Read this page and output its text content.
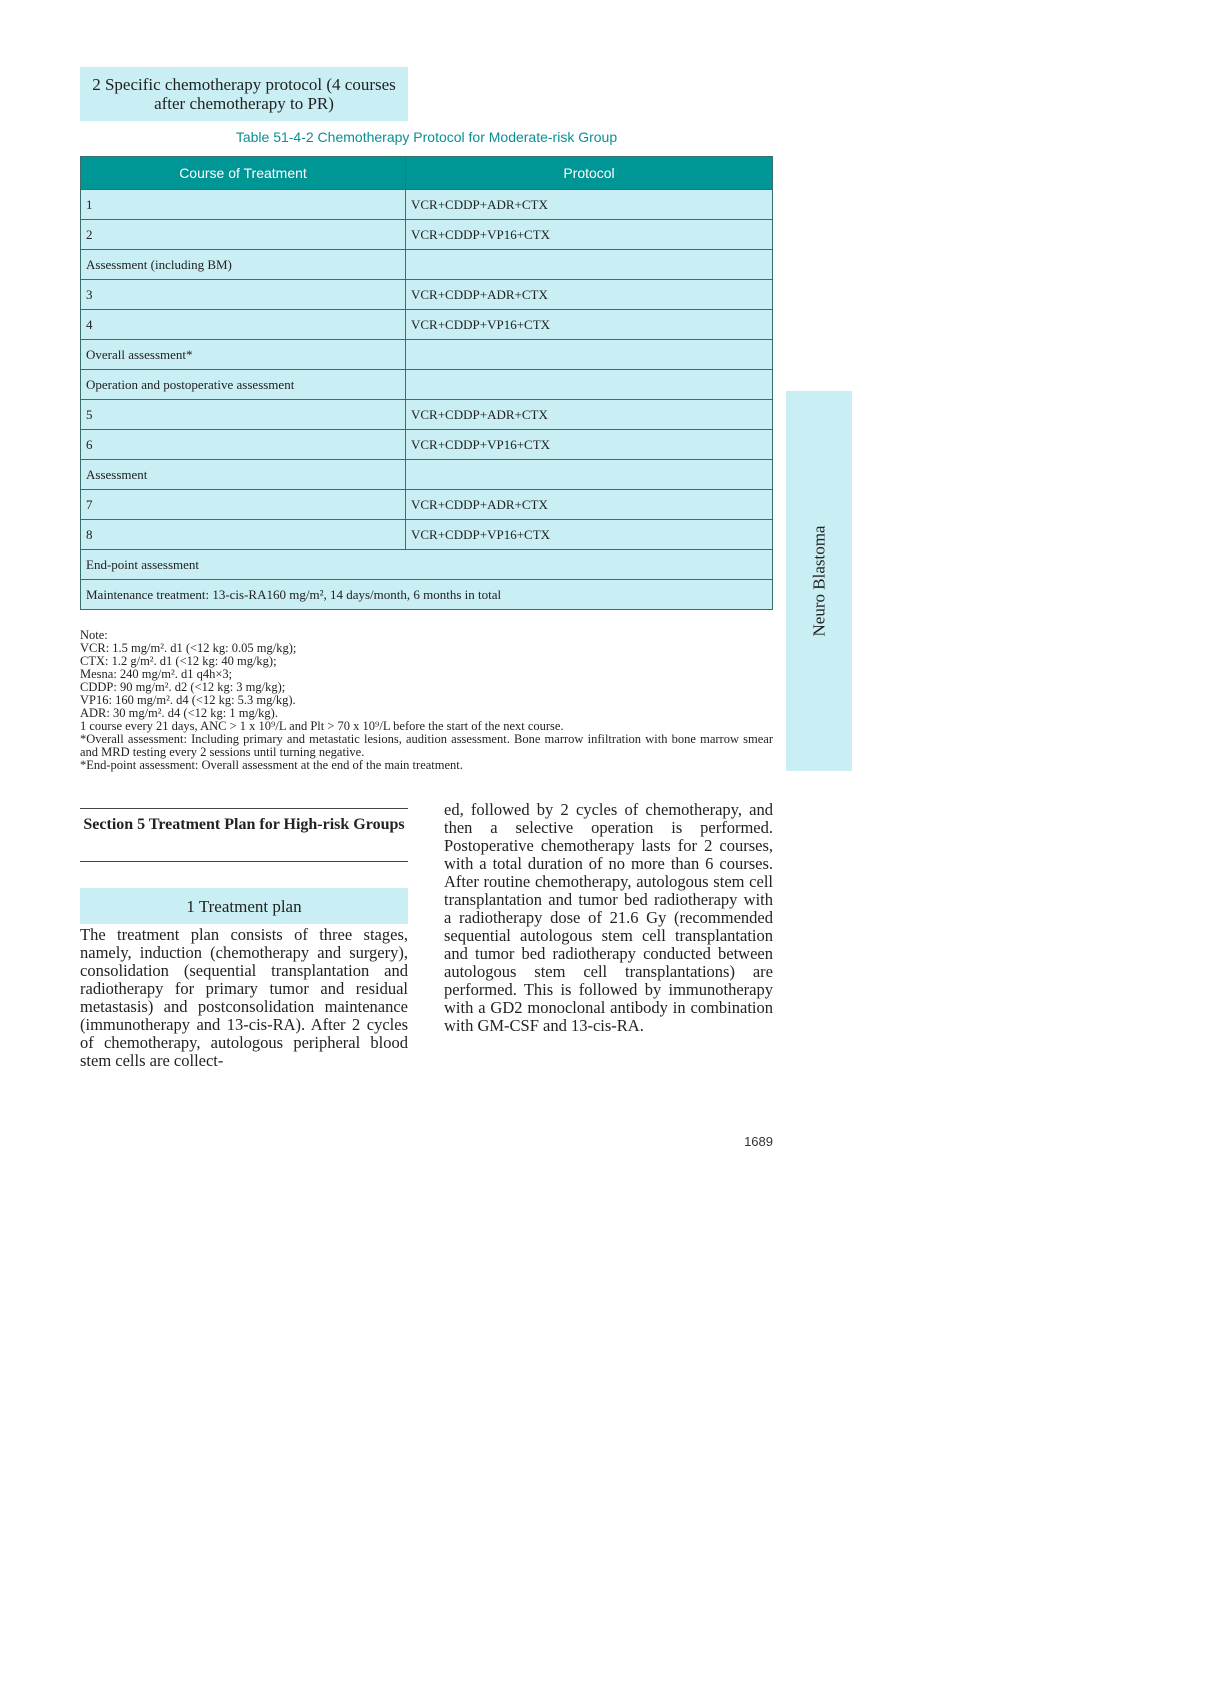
2 Specific chemotherapy protocol (4 courses after chemotherapy to PR)
Table 51-4-2 Chemotherapy Protocol for Moderate-risk Group
Course of Treatment	Protocol
1	VCR+CDDP+ADR+CTX
2	VCR+CDDP+VP16+CTX
Assessment (including BM)	
3	VCR+CDDP+ADR+CTX
4	VCR+CDDP+VP16+CTX
Overall assessment*	
Operation and postoperative assessment	
5	VCR+CDDP+ADR+CTX
6	VCR+CDDP+VP16+CTX
Assessment	
7	VCR+CDDP+ADR+CTX
8	VCR+CDDP+VP16+CTX
End-point assessment	
Maintenance treatment: 13-cis-RA160 mg/m², 14 days/month, 6 months in total	
Note:
VCR: 1.5 mg/m². d1 (<12 kg: 0.05 mg/kg);
CTX: 1.2 g/m². d1 (<12 kg: 40 mg/kg);
Mesna: 240 mg/m². d1 q4h×3;
CDDP: 90 mg/m². d2 (<12 kg: 3 mg/kg);
VP16: 160 mg/m². d4 (<12 kg: 5.3 mg/kg).
ADR: 30 mg/m². d4 (<12 kg: 1 mg/kg).
1 course every 21 days, ANC > 1 x 10⁹/L and Plt > 70 x 10⁹/L before the start of the next course.
*Overall assessment: Including primary and metastatic lesions, audition assessment. Bone marrow infiltration with bone marrow smear and MRD testing every 2 sessions until turning negative.
*End-point assessment: Overall assessment at the end of the main treatment.
Neuro Blastoma
Section 5 Treatment Plan for High-risk Groups
1 Treatment plan
The treatment plan consists of three stages, namely, induction (chemotherapy and surgery), consolidation (sequential transplantation and radiotherapy for primary tumor and residual metastasis) and postconsolidation maintenance (immunotherapy and 13-cis-RA). After 2 cycles of chemotherapy, autologous peripheral blood stem cells are collect-
ed, followed by 2 cycles of chemotherapy, and then a selective operation is performed. Postoperative chemotherapy lasts for 2 courses, with a total duration of no more than 6 courses. After routine chemotherapy, autologous stem cell transplantation and tumor bed radiotherapy with a radiotherapy dose of 21.6 Gy (recommended sequential autologous stem cell transplantation and tumor bed radiotherapy conducted between autologous stem cell transplantations) are performed. This is followed by immunotherapy with a GD2 monoclonal antibody in combination with GM-CSF and 13-cis-RA.
1689
